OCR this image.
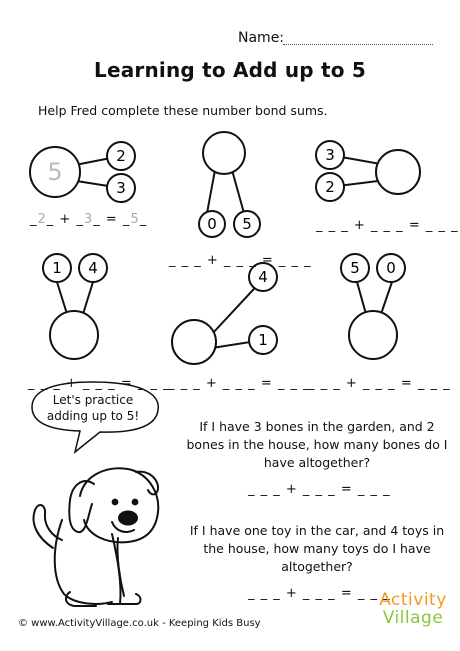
Name:
Learning to Add up to 5
Help Fred complete these number bond sums.
5
2
3
0 5
3
2
1 4	4
1
5 0
_2_ + _3_ = _5_	_ _ _ + _ _ _ = _ _ _
_ _ _ + _ _ _ = _ _ _
_ _ _ + _ _ _ = _ _ _
_ _ _ + _ _ _ = _ _ _
_ _ _ + _ _ _ = _ _ _
Let's practice adding up to 5!
If I have 3 bones in the garden, and 2 bones in the house, how many bones do I have altogether?
_ _ _ + _ _ _ = _ _ _
If I have one toy in the car, and 4 toys in the house, how many toys do I have altogether?
_ _ _ + _ _ _ = _ _ _
© www.ActivityVillage.co.uk - Keeping Kids Busy
Activity
Village
